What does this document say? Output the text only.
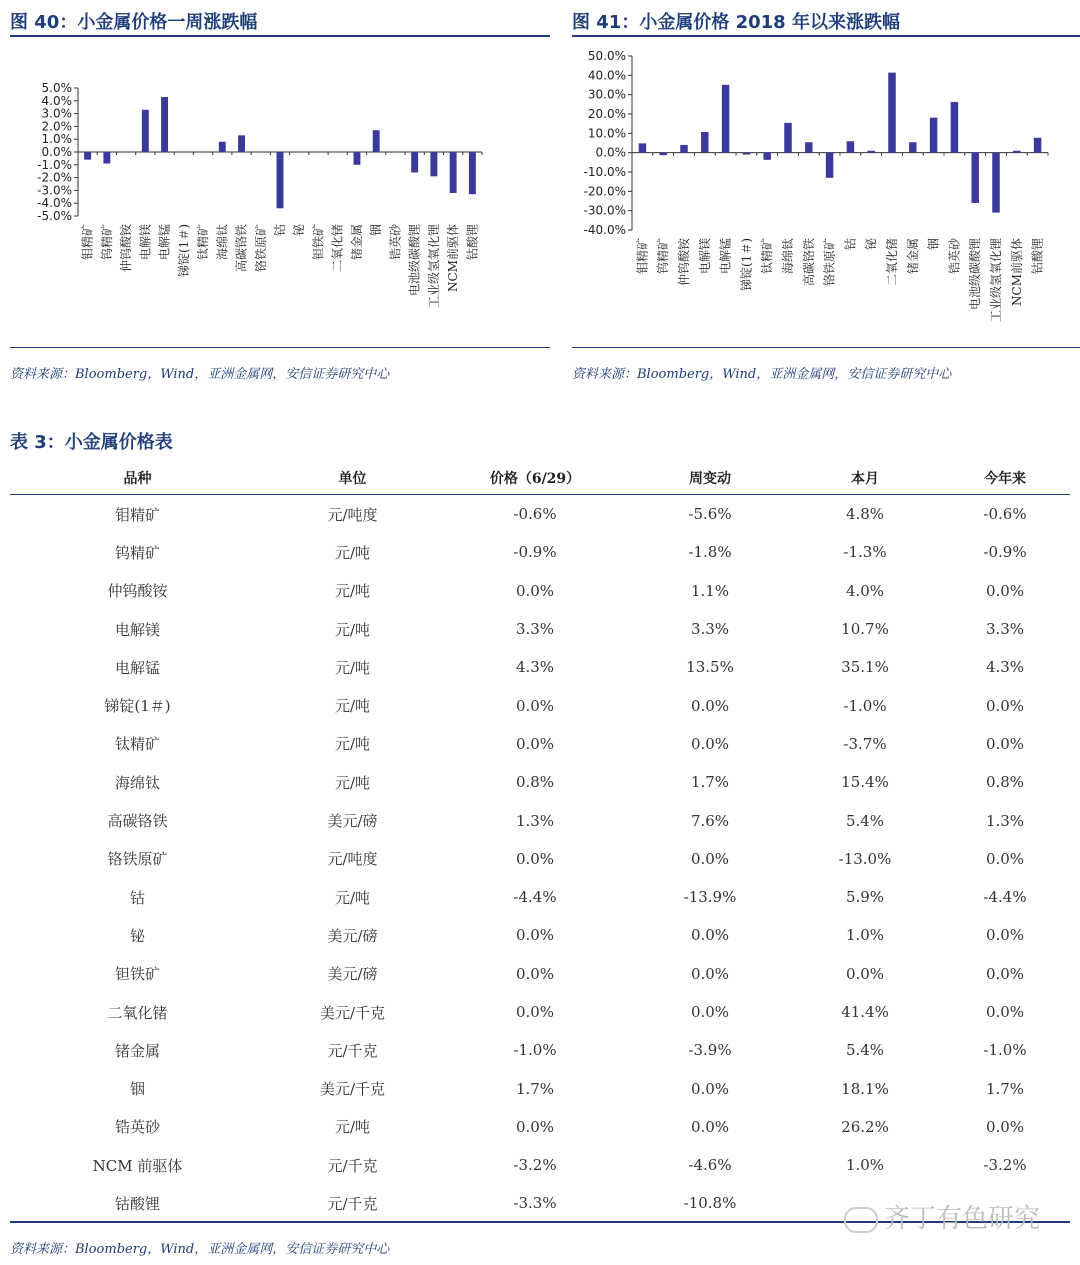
图 40：小金属价格一周涨跌幅
5.0%
4.0%
3.0%
2.0%
1.0%
0.0%
-1.0%
-2.0%
-3.0%
-4.0%
-5.0%
钼精矿 钨精矿 仲钨酸铵 电解镁 电解锰 锑锭(1＃) 钛精矿 海绵钛 高碳铬铁 铬铁原矿 钴 铋 钽铁矿 二氧化锗 锗金属 铟 锆英砂 电池级碳酸锂 工业级氢氧化锂 NCM前驱体 钴酸锂
资料来源：Bloomberg，Wind，亚洲金属网，安信证券研究中心
图 41：小金属价格 2018 年以来涨跌幅
50.0%
40.0%
30.0%
20.0%
10.0%
0.0%
-10.0%
-20.0%
-30.0%
-40.0%
钼精矿 钨精矿 仲钨酸铵 电解镁 电解锰 锑锭(1＃) 钛精矿 海绵钛 高碳铬铁 铬铁原矿 钴 铋 二氧化锗 锗金属 铟 锆英砂 电池级碳酸锂 工业级氢氧化锂 NCM前驱体 钴酸锂
资料来源：Bloomberg，Wind，亚洲金属网，安信证券研究中心
表 3：小金属价格表
品种	单位	价格（6/29）	周变动	本月	今年来
钼精矿	元/吨度	-0.6%	-5.6%	4.8%	-0.6%
钨精矿	元/吨	-0.9%	-1.8%	-1.3%	-0.9%
仲钨酸铵	元/吨	0.0%	1.1%	4.0%	0.0%
电解镁	元/吨	3.3%	3.3%	10.7%	3.3%
电解锰	元/吨	4.3%	13.5%	35.1%	4.3%
锑锭(1＃)	元/吨	0.0%	0.0%	-1.0%	0.0%
钛精矿	元/吨	0.0%	0.0%	-3.7%	0.0%
海绵钛	元/吨	0.8%	1.7%	15.4%	0.8%
高碳铬铁	美元/磅	1.3%	7.6%	5.4%	1.3%
铬铁原矿	元/吨度	0.0%	0.0%	-13.0%	0.0%
钴	元/吨	-4.4%	-13.9%	5.9%	-4.4%
铋	美元/磅	0.0%	0.0%	1.0%	0.0%
钽铁矿	美元/磅	0.0%	0.0%	0.0%	0.0%
二氧化锗	美元/千克	0.0%	0.0%	41.4%	0.0%
锗金属	元/千克	-1.0%	-3.9%	5.4%	-1.0%
铟	美元/千克	1.7%	0.0%	18.1%	1.7%
锆英砂	元/吨	0.0%	0.0%	26.2%	0.0%
NCM 前驱体	元/千克	-3.2%	-4.6%	1.0%	-3.2%
钴酸锂	元/千克	-3.3%	-10.8%		
资料来源：Bloomberg，Wind，亚洲金属网，安信证券研究中心
齐丁有色研究
